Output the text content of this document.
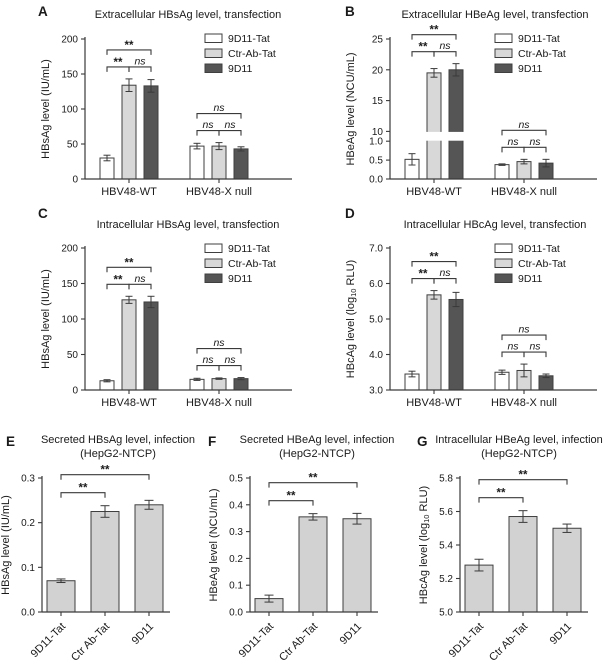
A	Extracellular HBsAg level, transfection
0
50
100
150
200
HBsAg level (IU/mL)
HBV48-WT	HBV48-X null
9D11-Tat
Ctr-Ab-Tat
9D11
** ns
**
ns ns
ns
B	Extracellular HBeAg level, transfection
0.0
0.5
1.0
10
15
20
25
HBeAg level (NCU/mL)
HBV48-WT	HBV48-X null
9D11-Tat
Ctr-Ab-Tat
9D11
** ns
**
ns ns
ns
C
Intracellular HBsAg level, transfection
0
50
100
150
200
HBsAg level (IU/mL)
HBV48-WT	HBV48-X null
9D11-Tat
Ctr-Ab-Tat
9D11
** ns
**
ns ns
ns
D
Intracellular HBcAg level, transfection
3.0
4.0
5.0
6.0
7.0
HBcAg level (log10 RLU)
HBV48-WT	HBV48-X null
9D11-Tat
Ctr-Ab-Tat
9D11
** ns
**
ns ns
ns
E Secreted HBsAg level, infection
(HepG2-NTCP)
0.0
0.1
0.2
0.3
HBsAg level (IU/mL)
9D11-Tat Ctr Ab-Tat 9D11
**
**
F Secreted HBeAg level, infection
(HepG2-NTCP)
0.0
0.1
0.2
0.3
0.4
0.5
HBeAg level (NCU/mL)
9D11-Tat Ctr Ab-Tat 9D11
**
**
G Intracellular HBeAg level, infection
(HepG2-NTCP)
5.0
5.2
5.4
5.6
5.8
HBcAg level (log10 RLU)
9D11-Tat Ctr Ab-Tat 9D11
**
**
